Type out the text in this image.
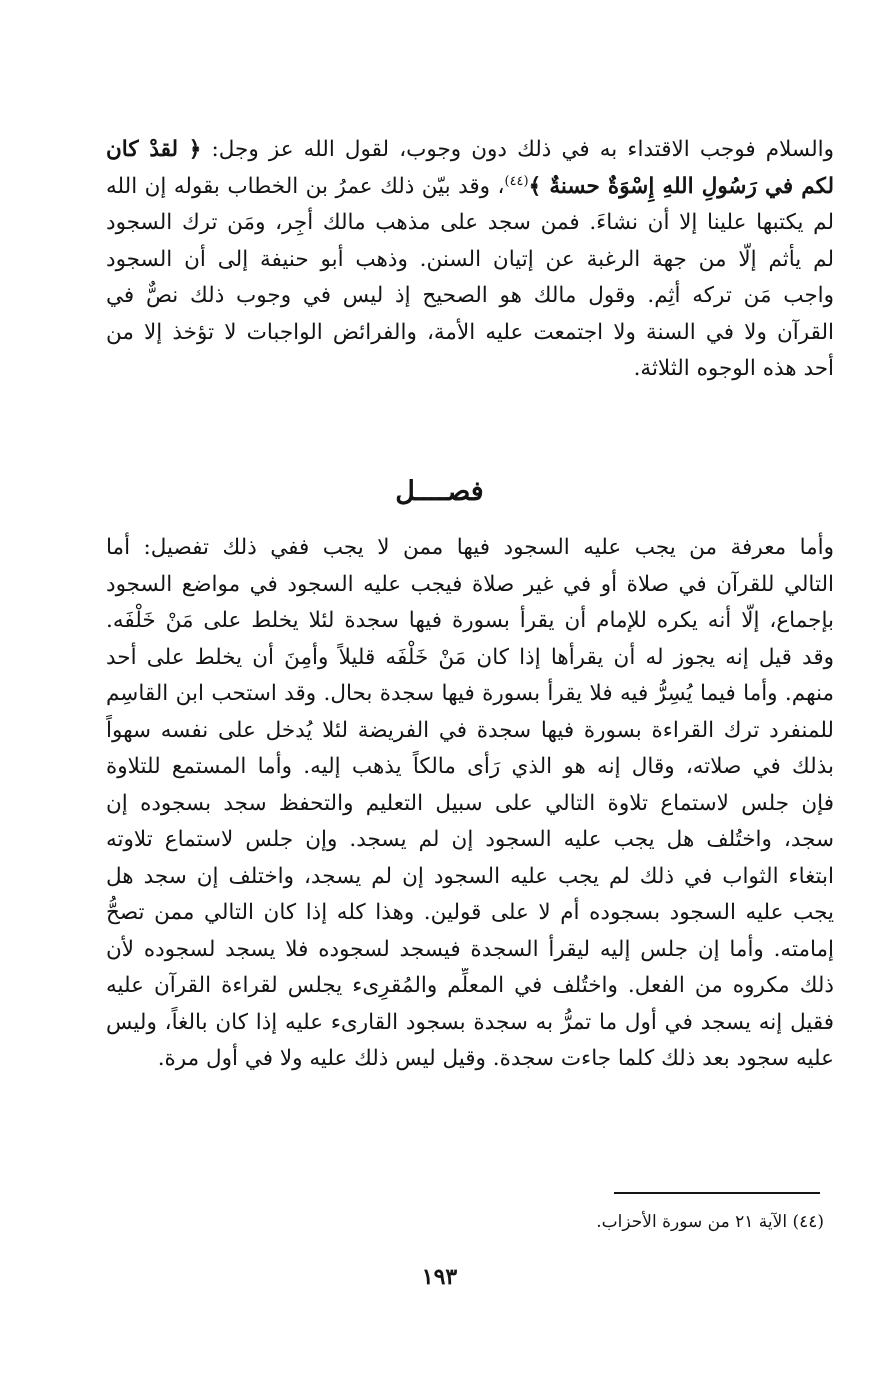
والسلام فوجب الاقتداء به في ذلك دون وجوب، لقول الله عز وجل: ﴿ لقدْ كان
لكم في رَسُولِ اللهِ إِسْوَةٌ حسنةٌ ﴾$^{(٤٤)}$، وقد بيّن ذلك عمرُ بن الخطاب بقوله إن الله
لم يكتبها علينا إلا أن نشاءَ. فمن سجد على مذهب مالك أجِر، ومَن ترك السجود
لم يأثم إلّا من جهة الرغبة عن إتيان السنن. وذهب أبو حنيفة إلى أن السجود
واجب مَن تركه أثِم. وقول مالك هو الصحيح إذ ليس في وجوب ذلك نصٌّ في
القرآن ولا في السنة ولا اجتمعت عليه الأمة، والفرائض الواجبات لا تؤخذ إلا من
أحد هذه الوجوه الثلاثة.
فصــــل
وأما معرفة من يجب عليه السجود فيها ممن لا يجب ففي ذلك تفصيل: أما
التالي للقرآن في صلاة أو في غير صلاة فيجب عليه السجود في مواضع السجود
بإجماع، إلّا أنه يكره للإمام أن يقرأ بسورة فيها سجدة لئلا يخلط على مَنْ خَلْفَه.
وقد قيل إنه يجوز له أن يقرأها إذا كان مَنْ خَلْفَه قليلاً وأمِنَ أن يخلط على أحد
منهم. وأما فيما يُسِرُّ فيه فلا يقرأ بسورة فيها سجدة بحال. وقد استحب ابن القاسِم
للمنفرد ترك القراءة بسورة فيها سجدة في الفريضة لئلا يُدخل على نفسه سهواً
بذلك في صلاته، وقال إنه هو الذي رَأى مالكاً يذهب إليه. وأما المستمع للتلاوة
فإن جلس لاستماع تلاوة التالي على سبيل التعليم والتحفظ سجد بسجوده إن
سجد، واختُلف هل يجب عليه السجود إن لم يسجد. وإن جلس لاستماع تلاوته
ابتغاء الثواب في ذلك لم يجب عليه السجود إن لم يسجد، واختلف إن سجد هل
يجب عليه السجود بسجوده أم لا على قولين. وهذا كله إذا كان التالي ممن تصحُّ
إمامته. وأما إن جلس إليه ليقرأ السجدة فيسجد لسجوده فلا يسجد لسجوده لأن
ذلك مكروه من الفعل. واختُلف في المعلِّم والمُقرِىء يجلس لقراءة القرآن عليه
فقيل إنه يسجد في أول ما تمرُّ به سجدة بسجود القارىء عليه إذا كان بالغاً، وليس
عليه سجود بعد ذلك كلما جاءت سجدة. وقيل ليس ذلك عليه ولا في أول مرة.
(٤٤) الآية ٢١ من سورة الأحزاب.
١٩٣
